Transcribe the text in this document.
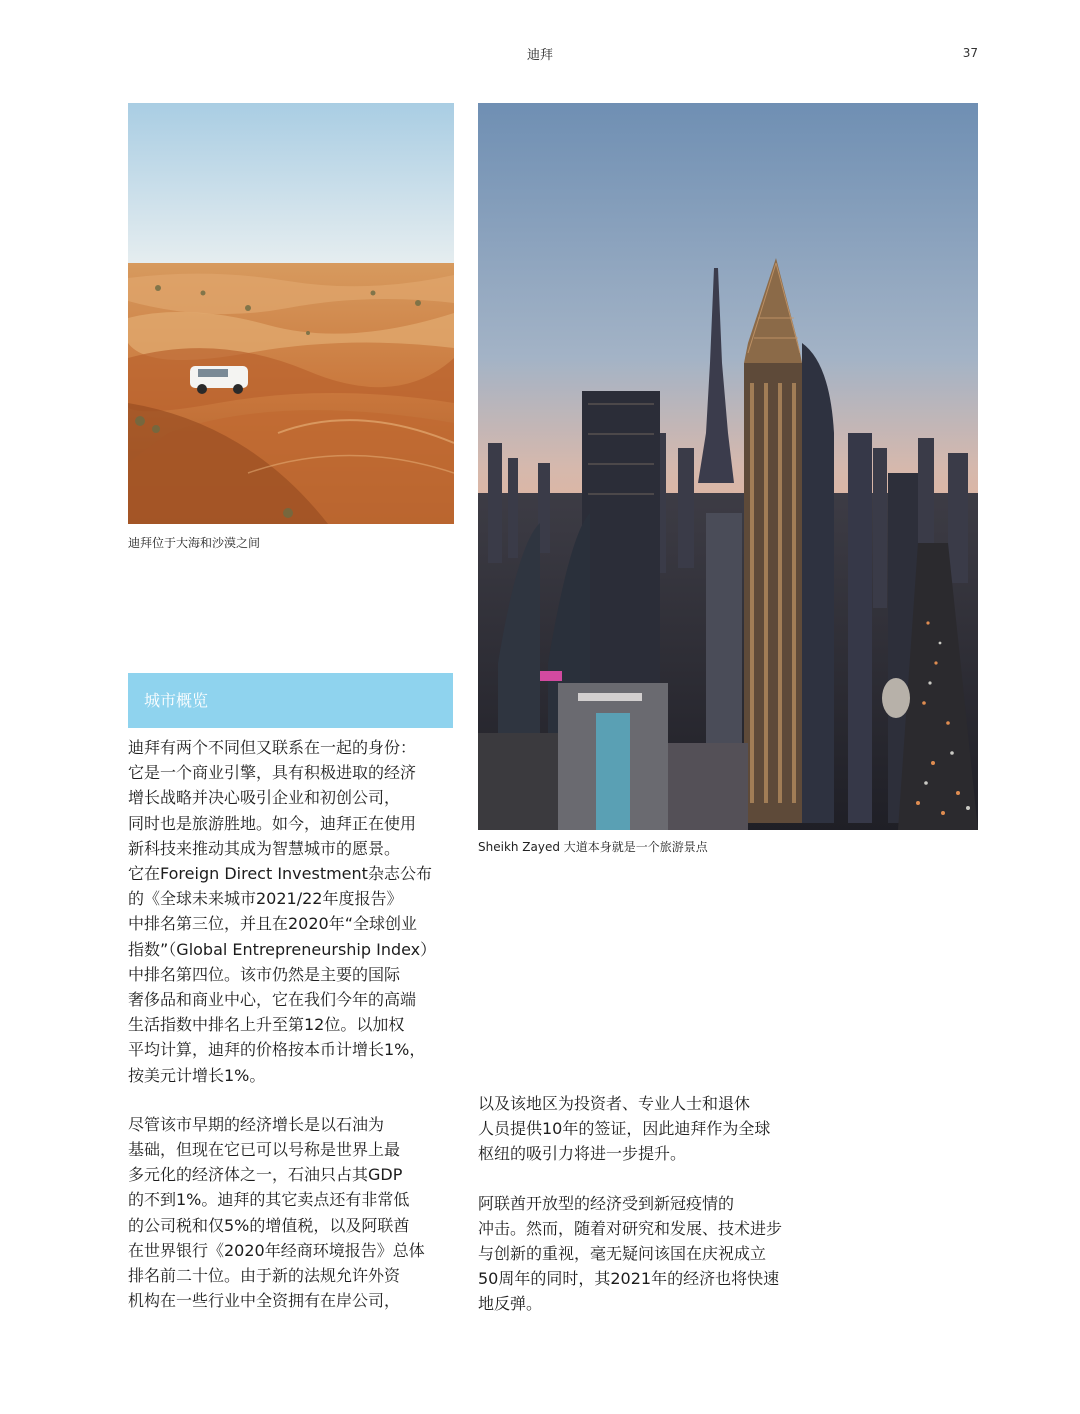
迪拜	37
迪拜位于大海和沙漠之间
Sheikh Zayed 大道本身就是一个旅游景点
城市概览

迪拜有两个不同但又联系在一起的身份：
它是一个商业引擎，具有积极进取的经济
增长战略并决心吸引企业和初创公司，
同时也是旅游胜地。如今，迪拜正在使用
新科技来推动其成为智慧城市的愿景。
它在Foreign Direct Investment杂志公布
的《全球未来城市2021/22年度报告》
中排名第三位，并且在2020年“全球创业
指数”（Global Entrepreneurship Index）
中排名第四位。该市仍然是主要的国际
奢侈品和商业中心，它在我们今年的高端
生活指数中排名上升至第12位。以加权
平均计算，迪拜的价格按本币计增长1%，
按美元计增长1%。

尽管该市早期的经济增长是以石油为
基础，但现在它已可以号称是世界上最
多元化的经济体之一，石油只占其GDP
的不到1%。迪拜的其它卖点还有非常低
的公司税和仅5%的增值税，以及阿联酋
在世界银行《2020年经商环境报告》总体
排名前二十位。由于新的法规允许外资
机构在一些行业中全资拥有在岸公司，

以及该地区为投资者、专业人士和退休
人员提供10年的签证，因此迪拜作为全球
枢纽的吸引力将进一步提升。

阿联酋开放型的经济受到新冠疫情的
冲击。然而，随着对研究和发展、技术进步
与创新的重视，毫无疑问该国在庆祝成立
50周年的同时，其2021年的经济也将快速
地反弹。
